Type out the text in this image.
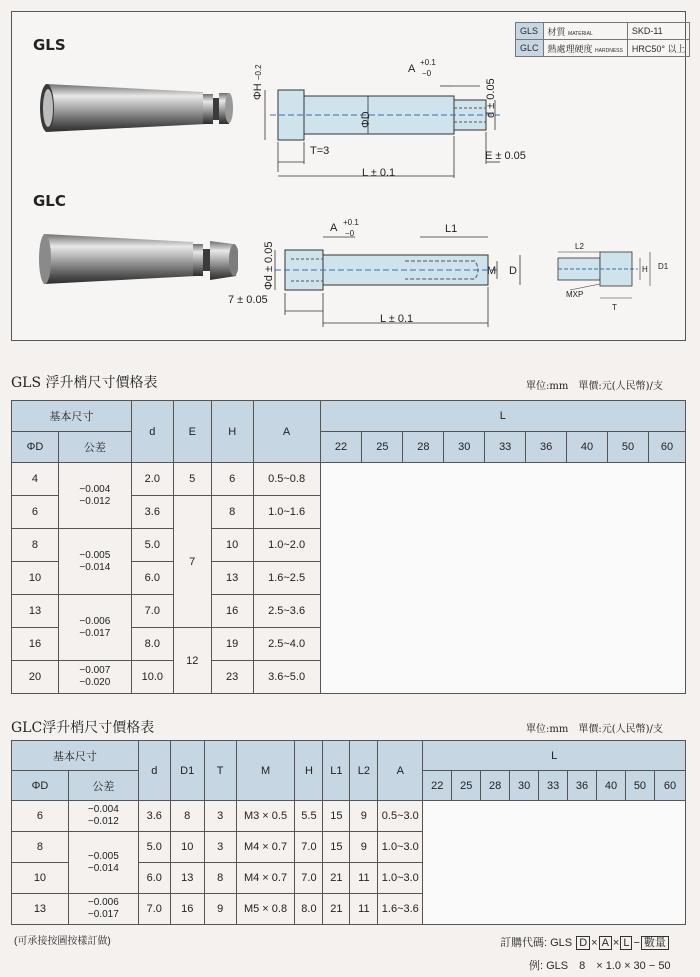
GLS
GLC
ΦH −0.2
ΦD
d ± 0.05
A
+0.1
−0
T=3
L ± 0.1
E ± 0.05
GLS	材質 MATERIAL	SKD-11
GLC	熱處理硬度 HARDNESS	HRC50° 以上
Φd ± 0.05
A +0.1
−0	L1
M D
7 ± 0.05
L ± 0.1
L2
H D1
MXP
T
GLS 浮升梢尺寸價格表	單位:mm　單價:元(人民幣)/支
基本尺寸		d	E	H	A	L								
ΦD	公差					22	25	28	30	33	36	40	50	60
4	−0.004
−0.012	2.0	5	6	0.5~0.8									
6		3.6	7	8	1.0~1.6									
8	−0.005
−0.014	5.0		10	1.0~2.0									
10		6.0		13	1.6~2.5									
13	−0.006
−0.017	7.0		16	2.5~3.6									
16		8.0	12	19	2.5~4.0									
20	−0.007
−0.020	10.0		23	3.6~5.0									
GLC浮升梢尺寸價格表	單位:mm　單價:元(人民幣)/支
基本尺寸		d	D1	T	M	H	L1	L2	A	L								
ΦD	公差									22	25	28	30	33	36	40	50	60
6	−0.004
−0.012	3.6	8	3	M3 × 0.5	5.5	15	9	0.5~3.0									
8	−0.005
−0.014	5.0	10	3	M4 × 0.7	7.0	15	9	1.0~3.0									
10		6.0	13	8	M4 × 0.7	7.0	21	11	1.0~3.0									
13	−0.006
−0.017	7.0	16	9	M5 × 0.8	8.0	21	11	1.6~3.6									
(可承接按圖按樣訂做)	訂購代碼: GLS D × A × L − 數量
例: GLS　8　× 1.0 × 30 − 50
